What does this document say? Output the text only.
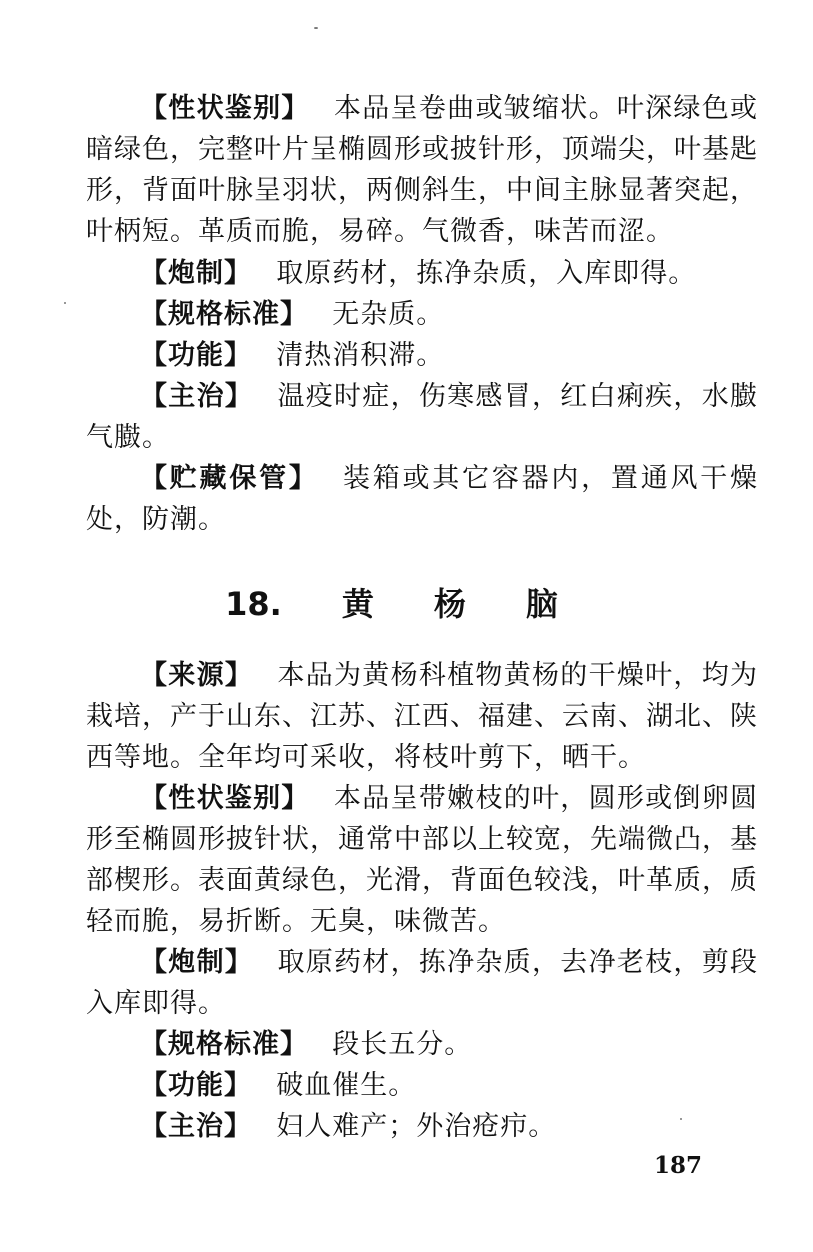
【性状鉴别】 本品呈卷曲或皱缩状。叶深绿色或暗绿色，完整叶片呈椭圆形或披针形，顶端尖，叶基匙形，背面叶脉呈羽状，两侧斜生，中间主脉显著突起，叶柄短。革质而脆，易碎。气微香，味苦而涩。

【炮制】 取原药材，拣净杂质，入库即得。

【规格标准】 无杂质。

【功能】 清热消积滞。

【主治】 温疫时症，伤寒感冒，红白痢疾，水臌气臌。

【贮藏保管】 装箱或其它容器内，置通风干燥处，防潮。

18. 黄 杨 脑

【来源】 本品为黄杨科植物黄杨的干燥叶，均为栽培，产于山东、江苏、江西、福建、云南、湖北、陕西等地。全年均可采收，将枝叶剪下，晒干。

【性状鉴别】 本品呈带嫩枝的叶，圆形或倒卵圆形至椭圆形披针状，通常中部以上较宽，先端微凸，基部楔形。表面黄绿色，光滑，背面色较浅，叶革质，质轻而脆，易折断。无臭，味微苦。

【炮制】 取原药材，拣净杂质，去净老枝，剪段入库即得。

【规格标准】 段长五分。

【功能】 破血催生。

【主治】 妇人难产；外治疮疖。

187
